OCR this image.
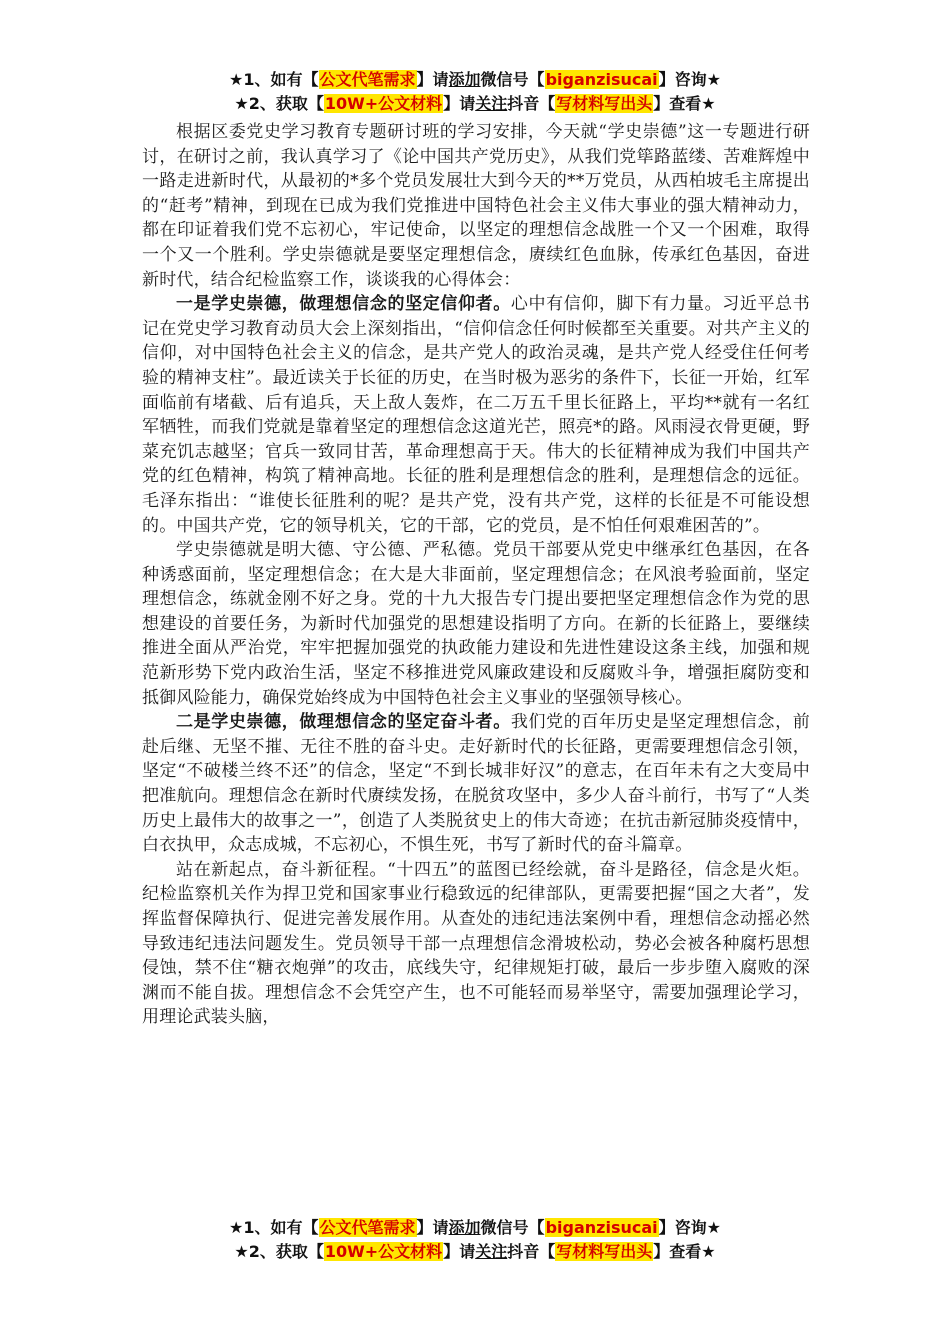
★1、如有【公文代笔需求】请添加微信号【biganzisucai】咨询★
★2、获取【10W+公文材料】请关注抖音【写材料写出头】查看★

根据区委党史学习教育专题研讨班的学习安排，今天就“学史崇德”这一专题进行研讨，在研讨之前，我认真学习了《论中国共产党历史》，从我们党筚路蓝缕、苦难辉煌中一路走进新时代，从最初的*多个党员发展壮大到今天的**万党员，从西柏坡毛主席提出的“赶考”精神，到现在已成为我们党推进中国特色社会主义伟大事业的强大精神动力，都在印证着我们党不忘初心，牢记使命，以坚定的理想信念战胜一个又一个困难，取得一个又一个胜利。学史崇德就是要坚定理想信念，赓续红色血脉，传承红色基因，奋进新时代，结合纪检监察工作，谈谈我的心得体会：

一是学史崇德，做理想信念的坚定信仰者。心中有信仰，脚下有力量。习近平总书记在党史学习教育动员大会上深刻指出，“信仰信念任何时候都至关重要。对共产主义的信仰，对中国特色社会主义的信念，是共产党人的政治灵魂，是共产党人经受住任何考验的精神支柱”。最近读关于长征的历史，在当时极为恶劣的条件下，长征一开始，红军面临前有堵截、后有追兵，天上敌人轰炸，在二万五千里长征路上，平均**就有一名红军牺牲，而我们党就是靠着坚定的理想信念这道光芒，照亮*的路。风雨浸衣骨更硬，野菜充饥志越坚；官兵一致同甘苦，革命理想高于天。伟大的长征精神成为我们中国共产党的红色精神，构筑了精神高地。长征的胜利是理想信念的胜利，是理想信念的远征。毛泽东指出：“谁使长征胜利的呢？是共产党，没有共产党，这样的长征是不可能设想的。中国共产党，它的领导机关，它的干部，它的党员，是不怕任何艰难困苦的”。

学史崇德就是明大德、守公德、严私德。党员干部要从党史中继承红色基因，在各种诱惑面前，坚定理想信念；在大是大非面前，坚定理想信念；在风浪考验面前，坚定理想信念，练就金刚不好之身。党的十九大报告专门提出要把坚定理想信念作为党的思想建设的首要任务，为新时代加强党的思想建设指明了方向。在新的长征路上，要继续推进全面从严治党，牢牢把握加强党的执政能力建设和先进性建设这条主线，加强和规范新形势下党内政治生活，坚定不移推进党风廉政建设和反腐败斗争，增强拒腐防变和抵御风险能力，确保党始终成为中国特色社会主义事业的坚强领导核心。

二是学史崇德，做理想信念的坚定奋斗者。我们党的百年历史是坚定理想信念，前赴后继、无坚不摧、无往不胜的奋斗史。走好新时代的长征路，更需要理想信念引领，坚定“不破楼兰终不还”的信念，坚定“不到长城非好汉”的意志，在百年未有之大变局中把准航向。理想信念在新时代赓续发扬，在脱贫攻坚中，多少人奋斗前行，书写了“人类历史上最伟大的故事之一”，创造了人类脱贫史上的伟大奇迹；在抗击新冠肺炎疫情中，白衣执甲，众志成城，不忘初心，不惧生死，书写了新时代的奋斗篇章。

站在新起点，奋斗新征程。“十四五”的蓝图已经绘就，奋斗是路径，信念是火炬。纪检监察机关作为捍卫党和国家事业行稳致远的纪律部队，更需要把握“国之大者”，发挥监督保障执行、促进完善发展作用。从查处的违纪违法案例中看，理想信念动摇必然导致违纪违法问题发生。党员领导干部一点理想信念滑坡松动，势必会被各种腐朽思想侵蚀，禁不住“糖衣炮弹”的攻击，底线失守，纪律规矩打破，最后一步步堕入腐败的深渊而不能自拔。理想信念不会凭空产生，也不可能轻而易举坚守，需要加强理论学习，用理论武装头脑，

★1、如有【公文代笔需求】请添加微信号【biganzisucai】咨询★
★2、获取【10W+公文材料】请关注抖音【写材料写出头】查看★
